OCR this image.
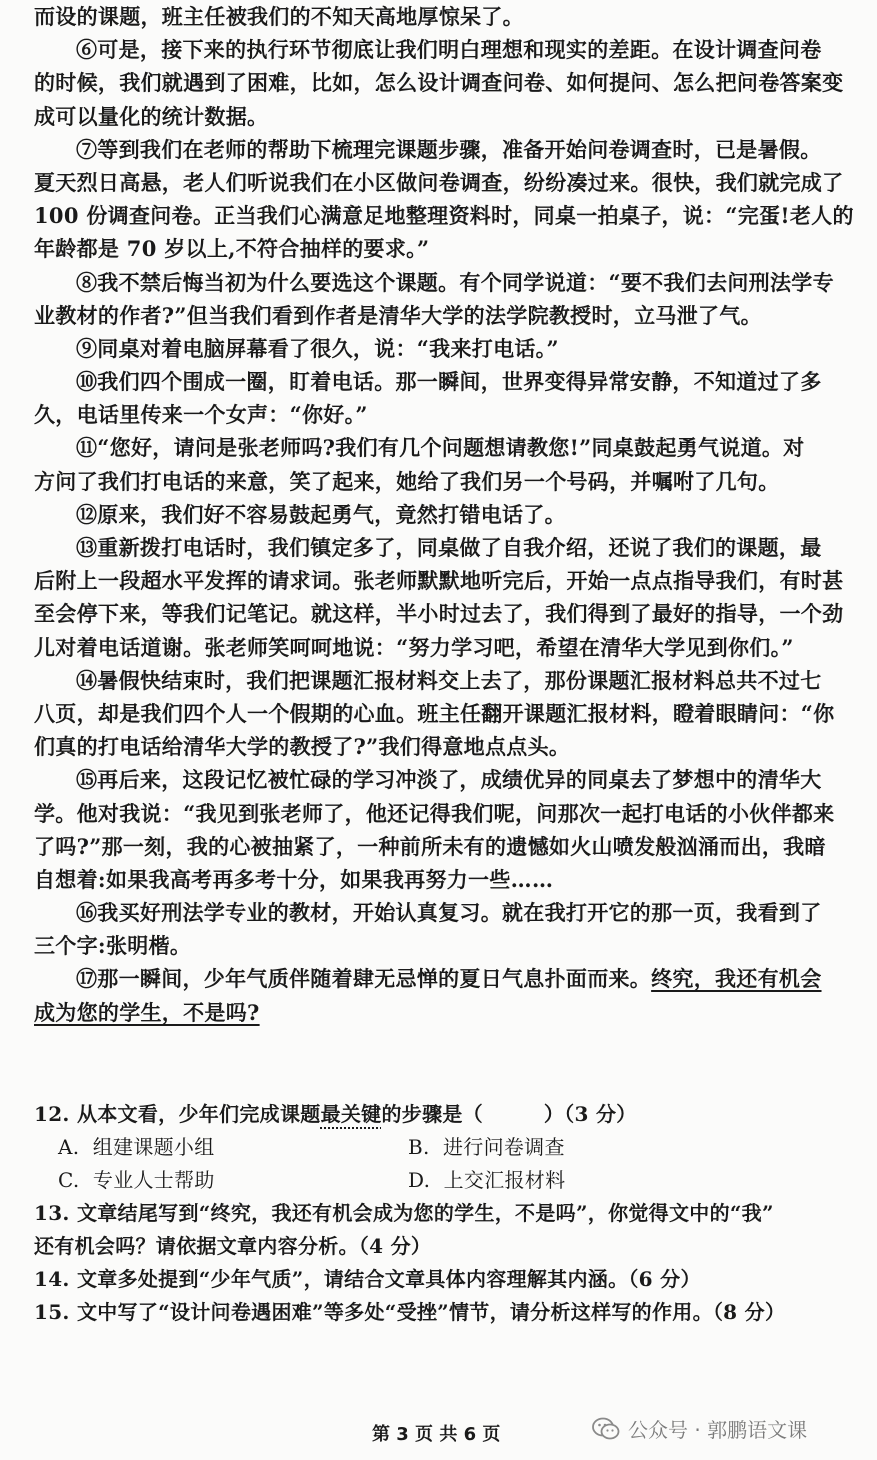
而设的课题，班主任被我们的不知天高地厚惊呆了。
⑥可是，接下来的执行环节彻底让我们明白理想和现实的差距。在设计调查问卷
的时候，我们就遇到了困难，比如，怎么设计调查问卷、如何提问、怎么把问卷答案变
成可以量化的统计数据。
⑦等到我们在老师的帮助下梳理完课题步骤，准备开始问卷调查时，已是暑假。
夏天烈日高悬，老人们听说我们在小区做问卷调查，纷纷凑过来。很快，我们就完成了
100 份调查问卷。正当我们心满意足地整理资料时，同桌一拍桌子，说：“完蛋!老人的
年龄都是 70 岁以上,不符合抽样的要求。”
⑧我不禁后悔当初为什么要选这个课题。有个同学说道：“要不我们去问刑法学专
业教材的作者?”但当我们看到作者是清华大学的法学院教授时，立马泄了气。
⑨同桌对着电脑屏幕看了很久，说：“我来打电话。”
⑩我们四个围成一圈，盯着电话。那一瞬间，世界变得异常安静，不知道过了多
久，电话里传来一个女声：“你好。”
⑪“您好，请问是张老师吗?我们有几个问题想请教您!”同桌鼓起勇气说道。对
方问了我们打电话的来意，笑了起来，她给了我们另一个号码，并嘱咐了几句。
⑫原来，我们好不容易鼓起勇气，竟然打错电话了。
⑬重新拨打电话时，我们镇定多了，同桌做了自我介绍，还说了我们的课题，最
后附上一段超水平发挥的请求词。张老师默默地听完后，开始一点点指导我们，有时甚
至会停下来，等我们记笔记。就这样，半小时过去了，我们得到了最好的指导，一个劲
儿对着电话道谢。张老师笑呵呵地说：“努力学习吧，希望在清华大学见到你们。”
⑭暑假快结束时，我们把课题汇报材料交上去了，那份课题汇报材料总共不过七
八页，却是我们四个人一个假期的心血。班主任翻开课题汇报材料，瞪着眼睛问：“你
们真的打电话给清华大学的教授了?”我们得意地点点头。
⑮再后来，这段记忆被忙碌的学习冲淡了，成绩优异的同桌去了梦想中的清华大
学。他对我说：“我见到张老师了，他还记得我们呢，问那次一起打电话的小伙伴都来
了吗?”那一刻，我的心被抽紧了，一种前所未有的遗憾如火山喷发般汹涌而出，我暗
自想着:如果我高考再多考十分，如果我再努力一些……
⑯我买好刑法学专业的教材，开始认真复习。就在我打开它的那一页，我看到了
三个字:张明楷。
⑰那一瞬间，少年气质伴随着肆无忌惮的夏日气息扑面而来。终究，我还有机会
成为您的学生，不是吗?
12. 从本文看，少年们完成课题最关键的步骤是（　　　）（3 分）
A. 组建课题小组	B. 进行问卷调查
C. 专业人士帮助	D. 上交汇报材料
13. 文章结尾写到“终究，我还有机会成为您的学生，不是吗”，你觉得文中的“我”
还有机会吗？请依据文章内容分析。（4 分）
14. 文章多处提到“少年气质”，请结合文章具体内容理解其内涵。（6 分）
15. 文中写了“设计问卷遇困难”等多处“受挫”情节，请分析这样写的作用。（8 分）
第 3 页 共 6 页	公众号 · 郭鹏语文课
